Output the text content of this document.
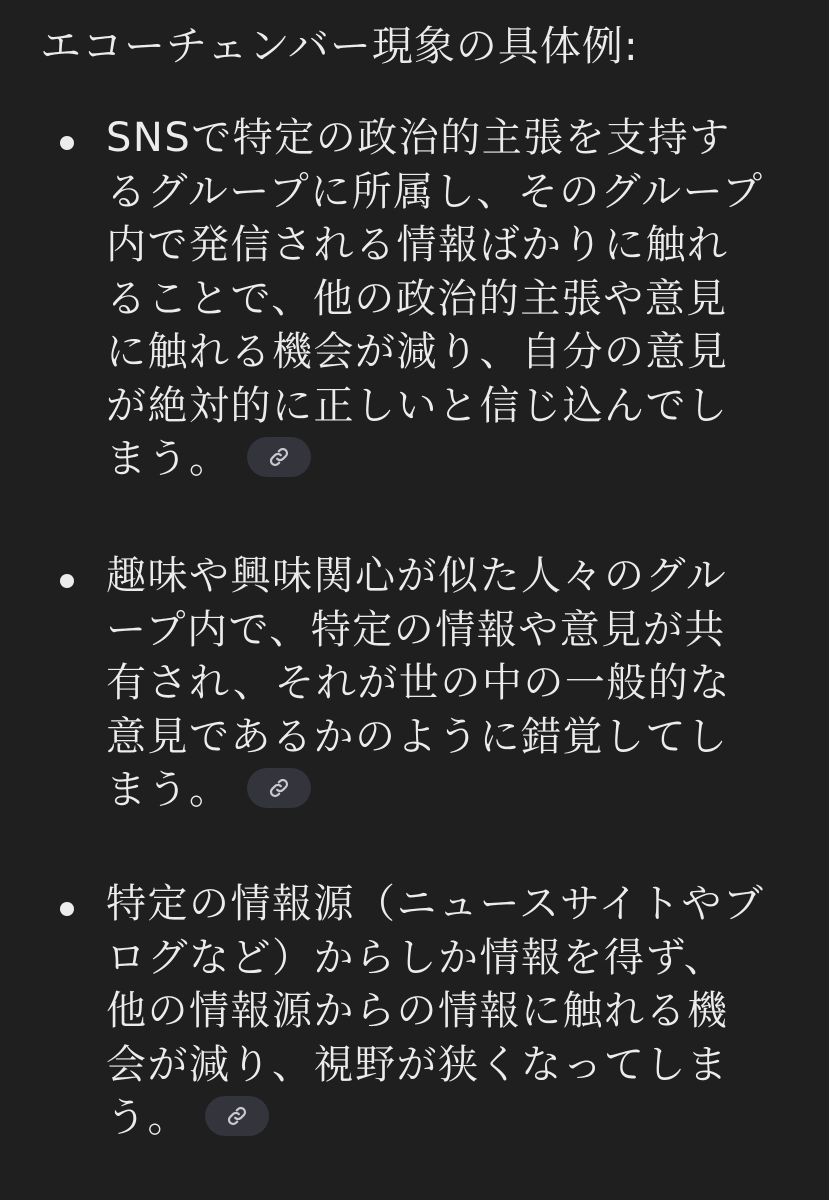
エコーチェンバー現象の具体例:
SNSで特定の政治的主張を支持するグループに所属し、そのグループ内で発信される情報ばかりに触れることで、他の政治的主張や意見に触れる機会が減り、自分の意見が絶対的に正しいと信じ込んでしまう。
趣味や興味関心が似た人々のグループ内で、特定の情報や意見が共有され、それが世の中の一般的な意見であるかのように錯覚してしまう。
特定の情報源（ニュースサイトやブログなど）からしか情報を得ず、他の情報源からの情報に触れる機会が減り、視野が狭くなってしまう。
